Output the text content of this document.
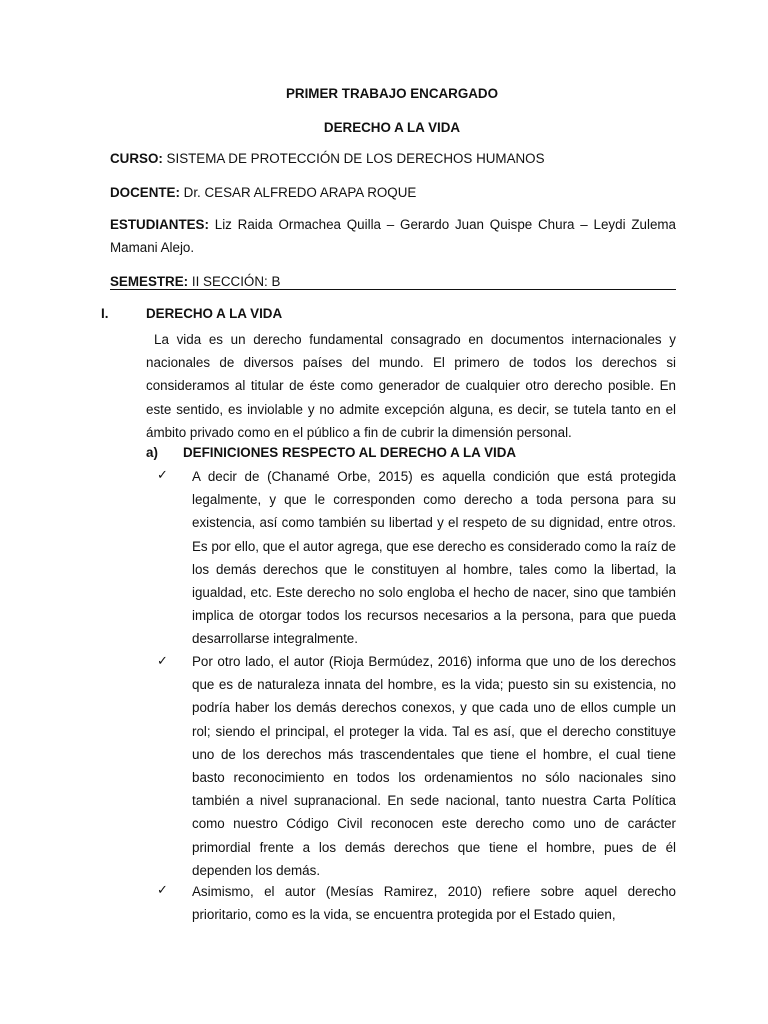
PRIMER TRABAJO ENCARGADO
DERECHO A LA VIDA
CURSO: SISTEMA DE PROTECCIÓN DE LOS DERECHOS HUMANOS
DOCENTE: Dr. CESAR ALFREDO ARAPA ROQUE
ESTUDIANTES: Liz Raida Ormachea Quilla – Gerardo Juan Quispe Chura – Leydi Zulema Mamani Alejo.
SEMESTRE: II SECCIÓN: B
I.	DERECHO A LA VIDA
La vida es un derecho fundamental consagrado en documentos internacionales y nacionales de diversos países del mundo. El primero de todos los derechos si consideramos al titular de éste como generador de cualquier otro derecho posible. En este sentido, es inviolable y no admite excepción alguna, es decir, se tutela tanto en el ámbito privado como en el público a fin de cubrir la dimensión personal.
a) DEFINICIONES RESPECTO AL DERECHO A LA VIDA
✓ A decir de (Chanamé Orbe, 2015) es aquella condición que está protegida legalmente, y que le corresponden como derecho a toda persona para su existencia, así como también su libertad y el respeto de su dignidad, entre otros. Es por ello, que el autor agrega, que ese derecho es considerado como la raíz de los demás derechos que le constituyen al hombre, tales como la libertad, la igualdad, etc. Este derecho no solo engloba el hecho de nacer, sino que también implica de otorgar todos los recursos necesarios a la persona, para que pueda desarrollarse integralmente.
✓ Por otro lado, el autor (Rioja Bermúdez, 2016) informa que uno de los derechos que es de naturaleza innata del hombre, es la vida; puesto sin su existencia, no podría haber los demás derechos conexos, y que cada uno de ellos cumple un rol; siendo el principal, el proteger la vida. Tal es así, que el derecho constituye uno de los derechos más trascendentales que tiene el hombre, el cual tiene basto reconocimiento en todos los ordenamientos no sólo nacionales sino también a nivel supranacional. En sede nacional, tanto nuestra Carta Política como nuestro Código Civil reconocen este derecho como uno de carácter primordial frente a los demás derechos que tiene el hombre, pues de él dependen los demás.
✓ Asimismo, el autor (Mesías Ramirez, 2010) refiere sobre aquel derecho prioritario, como es la vida, se encuentra protegida por el Estado quien,
